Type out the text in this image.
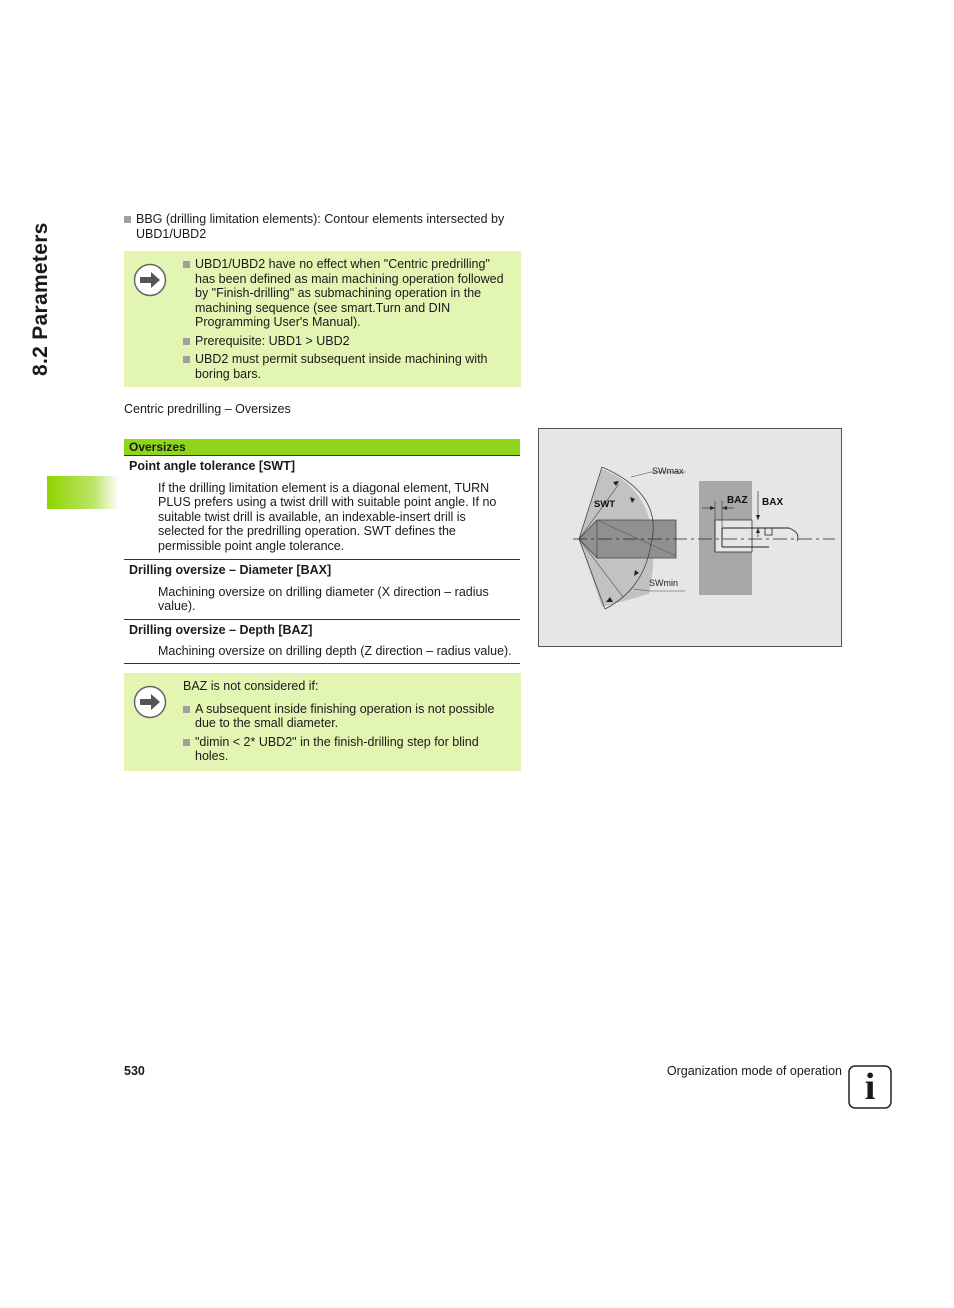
8.2 Parameters
BBG (drilling limitation elements): Contour elements intersected by UBD1/UBD2
UBD1/UBD2 have no effect when "Centric predrilling" has been defined as main machining operation followed by "Finish-drilling" as submachining operation in the machining sequence (see smart.Turn and DIN Programming User's Manual).
Prerequisite: UBD1 > UBD2
UBD2 must permit subsequent inside machining with boring bars.
Centric predrilling – Oversizes
Oversizes
Point angle tolerance [SWT]
If the drilling limitation element is a diagonal element, TURN PLUS prefers using a twist drill with suitable point angle. If no suitable twist drill is available, an indexable-insert drill is selected for the predrilling operation. SWT defines the permissible point angle tolerance.
Drilling oversize – Diameter [BAX]
Machining oversize on drilling diameter (X direction – radius value).
Drilling oversize – Depth [BAZ]
Machining oversize on drilling depth (Z direction – radius value).
BAZ is not considered if:
A subsequent inside finishing operation is not possible due to the small diameter.
"dimin < 2* UBD2" in the finish-drilling step for blind holes.
SWmax
SWT
SWmin
BAZ BAX
530	Organization mode of operation i
